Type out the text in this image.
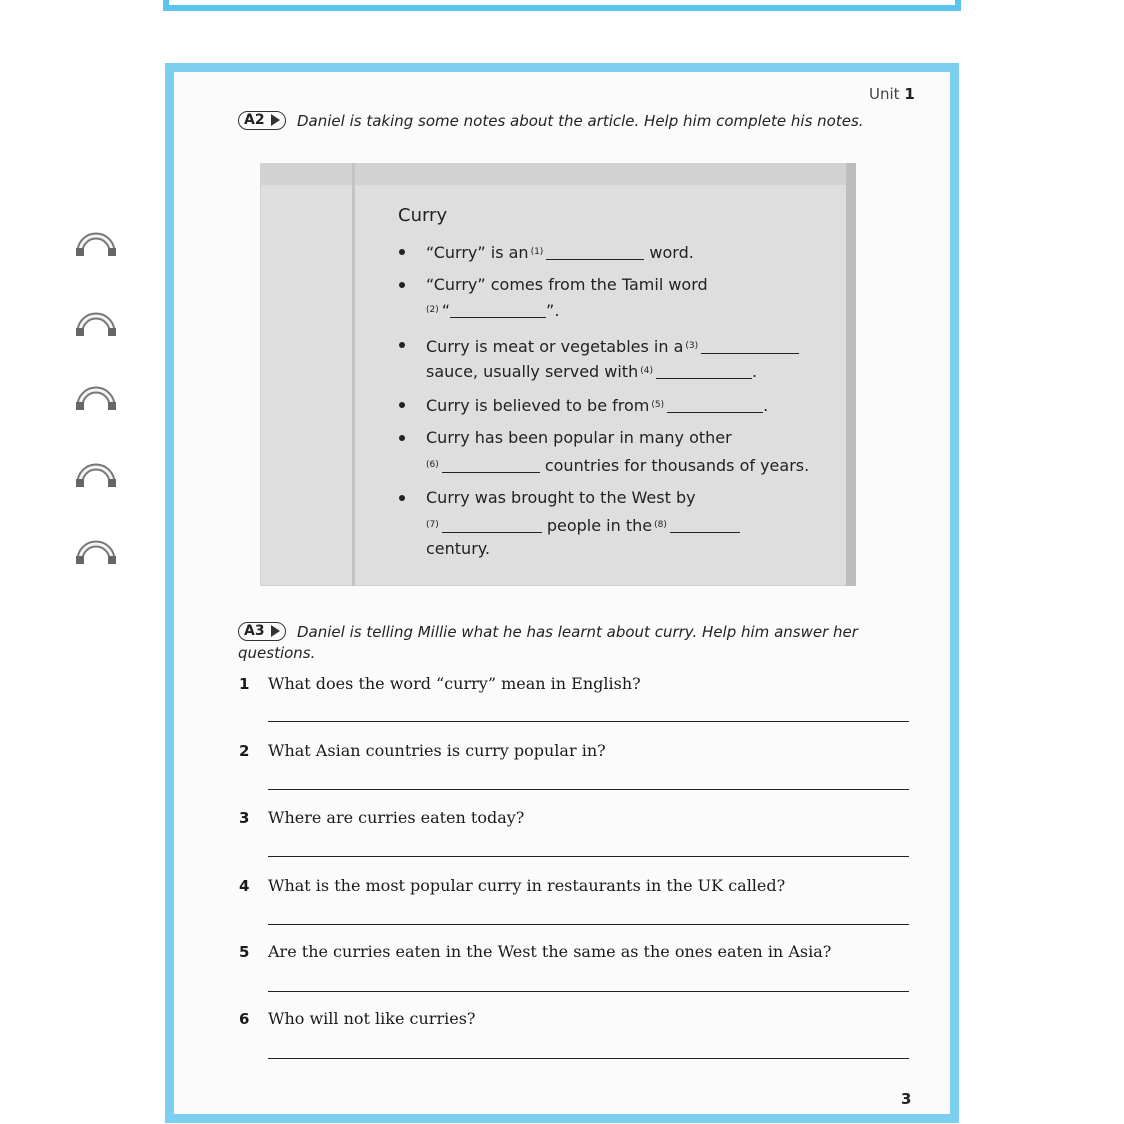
Unit 1
A2	Daniel is taking some notes about the article. Help him complete his notes.
Curry
“Curry” is an $^{(1)}$	word.
“Curry” comes from the Tamil word
$^{(2)}$ “	”.
Curry is meat or vegetables in a $^{(3)}$
sauce, usually served with $^{(4)}$	.
Curry is believed to be from $^{(5)}$	.
Curry has been popular in many other
$^{(6)}$	countries for thousands of years.
Curry was brought to the West by
$^{(7)}$	people in the $^{(8)}$
century.
A3	Daniel is telling Millie what he has learnt about curry. Help him answer her
questions.
1 What does the word “curry” mean in English?
2 What Asian countries is curry popular in?
3 Where are curries eaten today?
4 What is the most popular curry in restaurants in the UK called?
5 Are the curries eaten in the West the same as the ones eaten in Asia?
6 Who will not like curries?
3
